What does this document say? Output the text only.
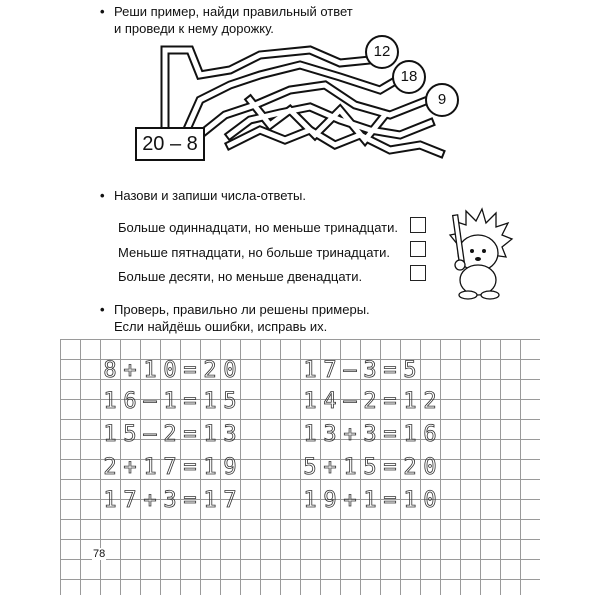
• Реши пример, найди правильный ответ
и проведи к нему дорожку.
20 – 8
12
18
9
• Назови и запиши числа-ответы.
Больше одиннадцати, но меньше тринадцати.
Меньше пятнадцати, но больше тринадцати.
Больше десяти, но меньше двенадцати.
• Проверь, правильно ли решены примеры.
Если найдёшь ошибки, исправь их.
8 + 1 0 = 2 0
1 6 – 1 = 1 5
1 5 – 2 = 1 3
2 + 1 7 = 1 9
1 7 + 3 = 1 7
1 7 – 3 = 5
1 4 – 2 = 1 2
1 3 + 3 = 1 6
5 + 1 5 = 2 0
1 9 + 1 = 1 0
78
